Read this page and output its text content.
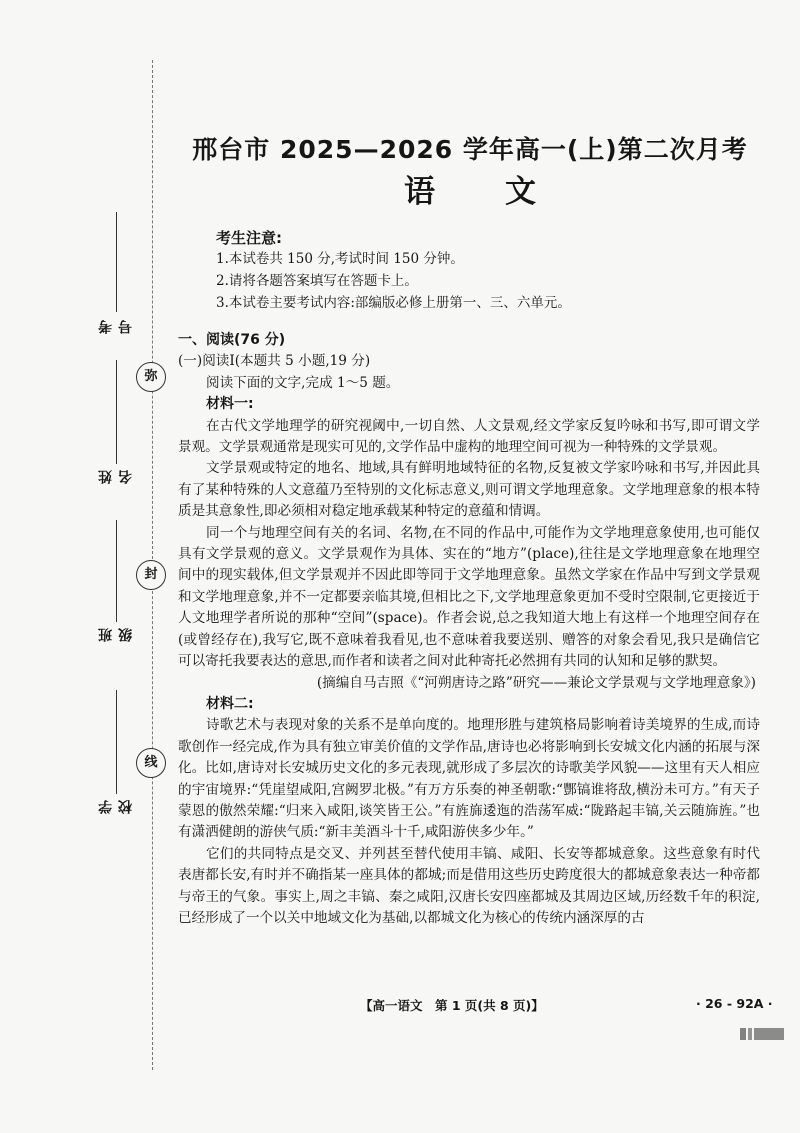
考号
姓名
班级
学校
弥
封
线
邢台市 2025—2026 学年高一(上)第二次月考
语文
考生注意:
1.本试卷共 150 分,考试时间 150 分钟。
2.请将各题答案填写在答题卡上。
3.本试卷主要考试内容:部编版必修上册第一、三、六单元。
一、阅读(76 分)
(一)阅读Ⅰ(本题共 5 小题,19 分)
阅读下面的文字,完成 1～5 题。
材料一:

在古代文学地理学的研究视阈中,一切自然、人文景观,经文学家反复吟咏和书写,即可谓文学景观。文学景观通常是现实可见的,文学作品中虚构的地理空间可视为一种特殊的文学景观。

文学景观或特定的地名、地域,具有鲜明地域特征的名物,反复被文学家吟咏和书写,并因此具有了某种特殊的人文意蕴乃至特别的文化标志意义,则可谓文学地理意象。文学地理意象的根本特质是其意象性,即必须相对稳定地承载某种特定的意蕴和情调。

同一个与地理空间有关的名词、名物,在不同的作品中,可能作为文学地理意象使用,也可能仅具有文学景观的意义。文学景观作为具体、实在的“地方”(place),往往是文学地理意象在地理空间中的现实载体,但文学景观并不因此即等同于文学地理意象。虽然文学家在作品中写到文学景观和文学地理意象,并不一定都要亲临其境,但相比之下,文学地理意象更加不受时空限制,它更接近于人文地理学者所说的那种“空间”(space)。作者会说,总之我知道大地上有这样一个地理空间存在(或曾经存在),我写它,既不意味着我看见,也不意味着我要送别、赠答的对象会看见,我只是确信它可以寄托我要表达的意思,而作者和读者之间对此种寄托必然拥有共同的认知和足够的默契。

(摘编自马吉照《“河朔唐诗之路”研究——兼论文学景观与文学地理意象》)

材料二:

诗歌艺术与表现对象的关系不是单向度的。地理形胜与建筑格局影响着诗美境界的生成,而诗歌创作一经完成,作为具有独立审美价值的文学作品,唐诗也必将影响到长安城文化内涵的拓展与深化。比如,唐诗对长安城历史文化的多元表现,就形成了多层次的诗歌美学风貌——这里有天人相应的宇宙境界:“凭崖望咸阳,宫阙罗北极。”有万方乐奏的神圣朝歌:“酆镐谁将敌,横汾未可方。”有天子蒙恩的傲然荣耀:“归来入咸阳,谈笑皆王公。”有旌旆逶迤的浩荡军威:“陇路起丰镐,关云随旆旌。”也有潇洒健朗的游侠气质:“新丰美酒斗十千,咸阳游侠多少年。”

它们的共同特点是交叉、并列甚至替代使用丰镐、咸阳、长安等都城意象。这些意象有时代表唐都长安,有时并不确指某一座具体的都城;而是借用这些历史跨度很大的都城意象表达一种帝都与帝王的气象。事实上,周之丰镐、秦之咸阳,汉唐长安四座都城及其周边区域,历经数千年的积淀,已经形成了一个以关中地域文化为基础,以都城文化为核心的传统内涵深厚的古

【高一语文　第 1 页(共 8 页)】	· 26 - 92A ·
